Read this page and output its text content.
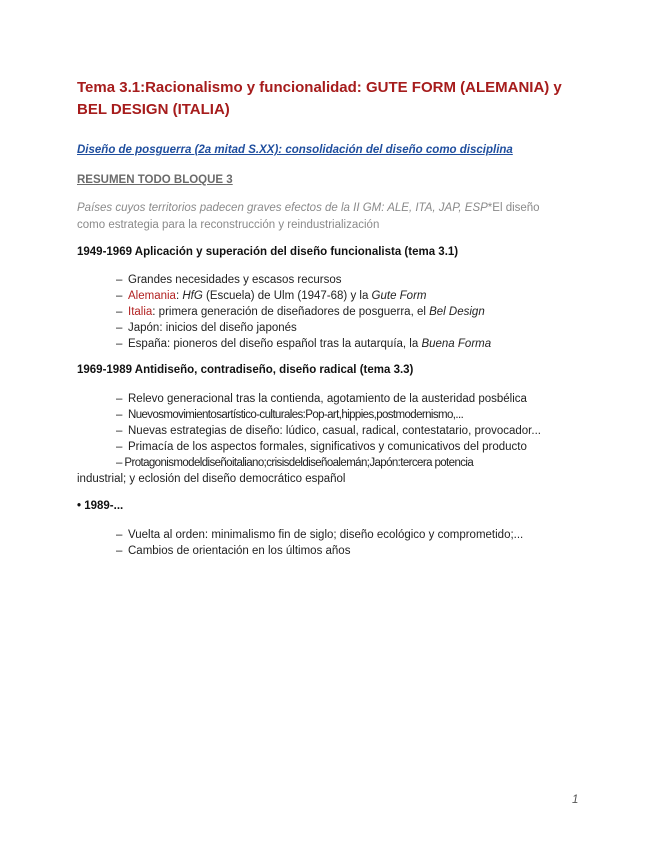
Tema 3.1:Racionalismo y funcionalidad: GUTE FORM (ALEMANIA) y BEL DESIGN (ITALIA)
Diseño de posguerra (2a mitad S.XX): consolidación del diseño como disciplina
RESUMEN TODO BLOQUE 3
Países cuyos territorios padecen graves efectos de la II GM: ALE, ITA, JAP, ESP*El diseño como estrategia para la reconstrucción y reindustrialización
1949-1969 Aplicación y superación del diseño funcionalista (tema 3.1)
– Grandes necesidades y escasos recursos
– Alemania: HfG (Escuela) de Ulm (1947-68) y la Gute Form
– Italia: primera generación de diseñadores de posguerra, el Bel Design
– Japón: inicios del diseño japonés
– España: pioneros del diseño español tras la autarquía, la Buena Forma
1969-1989 Antidiseño, contradiseño, diseño radical (tema 3.3)
– Relevo generacional tras la contienda, agotamiento de la austeridad posbélica
– Nuevosmovimientosartístico-culturales:Pop-art,hippies,postmodernismo,...
– Nuevas estrategias de diseño: lúdico, casual, radical, contestatario, provocador...
– Primacía de los aspectos formales, significativos y comunicativos del producto
– Protagonismodeldiseñoitaliano;crisisdeldiseñoalemán;Japón:tercera potencia
industrial; y eclosión del diseño democrático español
• 1989-...
– Vuelta al orden: minimalismo fin de siglo; diseño ecológico y comprometido;...
– Cambios de orientación en los últimos años
1
